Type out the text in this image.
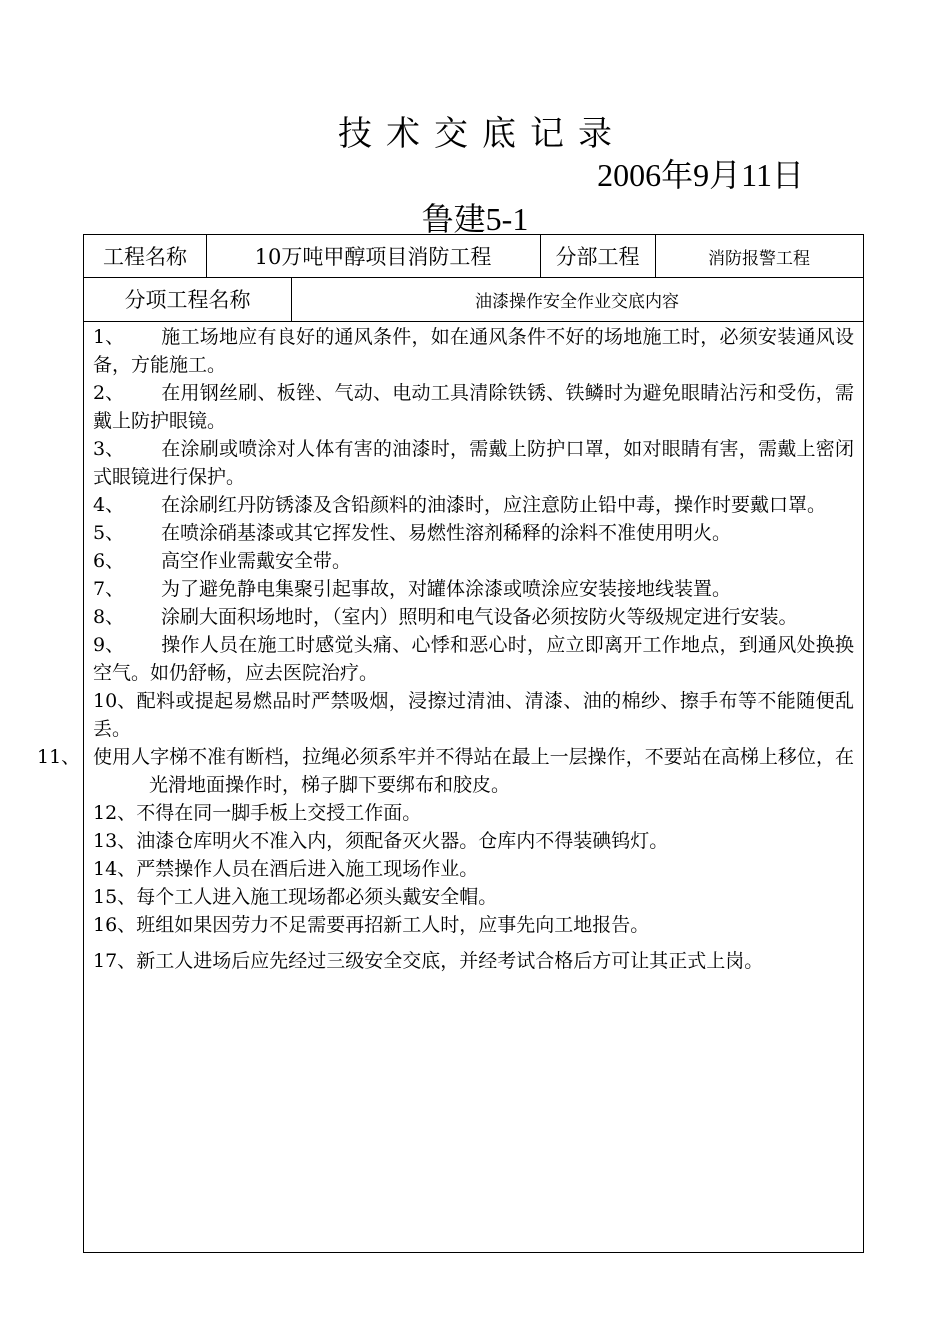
技术交底记录
2006年9月11日
鲁建5-1
工程名称	10万吨甲醇项目消防工程	分部工程	消防报警工程
分项工程名称	油漆操作安全作业交底内容
1、 施工场地应有良好的通风条件，如在通风条件不好的场地施工时，必须安装通风设备，方能施工。
2、 在用钢丝刷、板锉、气动、电动工具清除铁锈、铁鳞时为避免眼睛沾污和受伤，需戴上防护眼镜。
3、 在涂刷或喷涂对人体有害的油漆时，需戴上防护口罩，如对眼睛有害，需戴上密闭式眼镜进行保护。
4、 在涂刷红丹防锈漆及含铅颜料的油漆时，应注意防止铅中毒，操作时要戴口罩。
5、 在喷涂硝基漆或其它挥发性、易燃性溶剂稀释的涂料不准使用明火。
6、 高空作业需戴安全带。
7、 为了避免静电集聚引起事故，对罐体涂漆或喷涂应安装接地线装置。
8、 涂刷大面积场地时，（室内）照明和电气设备必须按防火等级规定进行安装。
9、 操作人员在施工时感觉头痛、心悸和恶心时，应立即离开工作地点，到通风处换换空气。如仍舒畅，应去医院治疗。
10、配料或提起易燃品时严禁吸烟，浸擦过清油、清漆、油的棉纱、擦手布等不能随便乱丢。
11、 使用人字梯不准有断档，拉绳必须系牢并不得站在最上一层操作，不要站在高梯上移位，在光滑地面操作时，梯子脚下要绑布和胶皮。
12、不得在同一脚手板上交授工作面。
13、油漆仓库明火不准入内，须配备灭火器。仓库内不得装碘钨灯。
14、严禁操作人员在酒后进入施工现场作业。
15、每个工人进入施工现场都必须头戴安全帽。
16、班组如果因劳力不足需要再招新工人时，应事先向工地报告。
17、新工人进场后应先经过三级安全交底，并经考试合格后方可让其正式上岗。
